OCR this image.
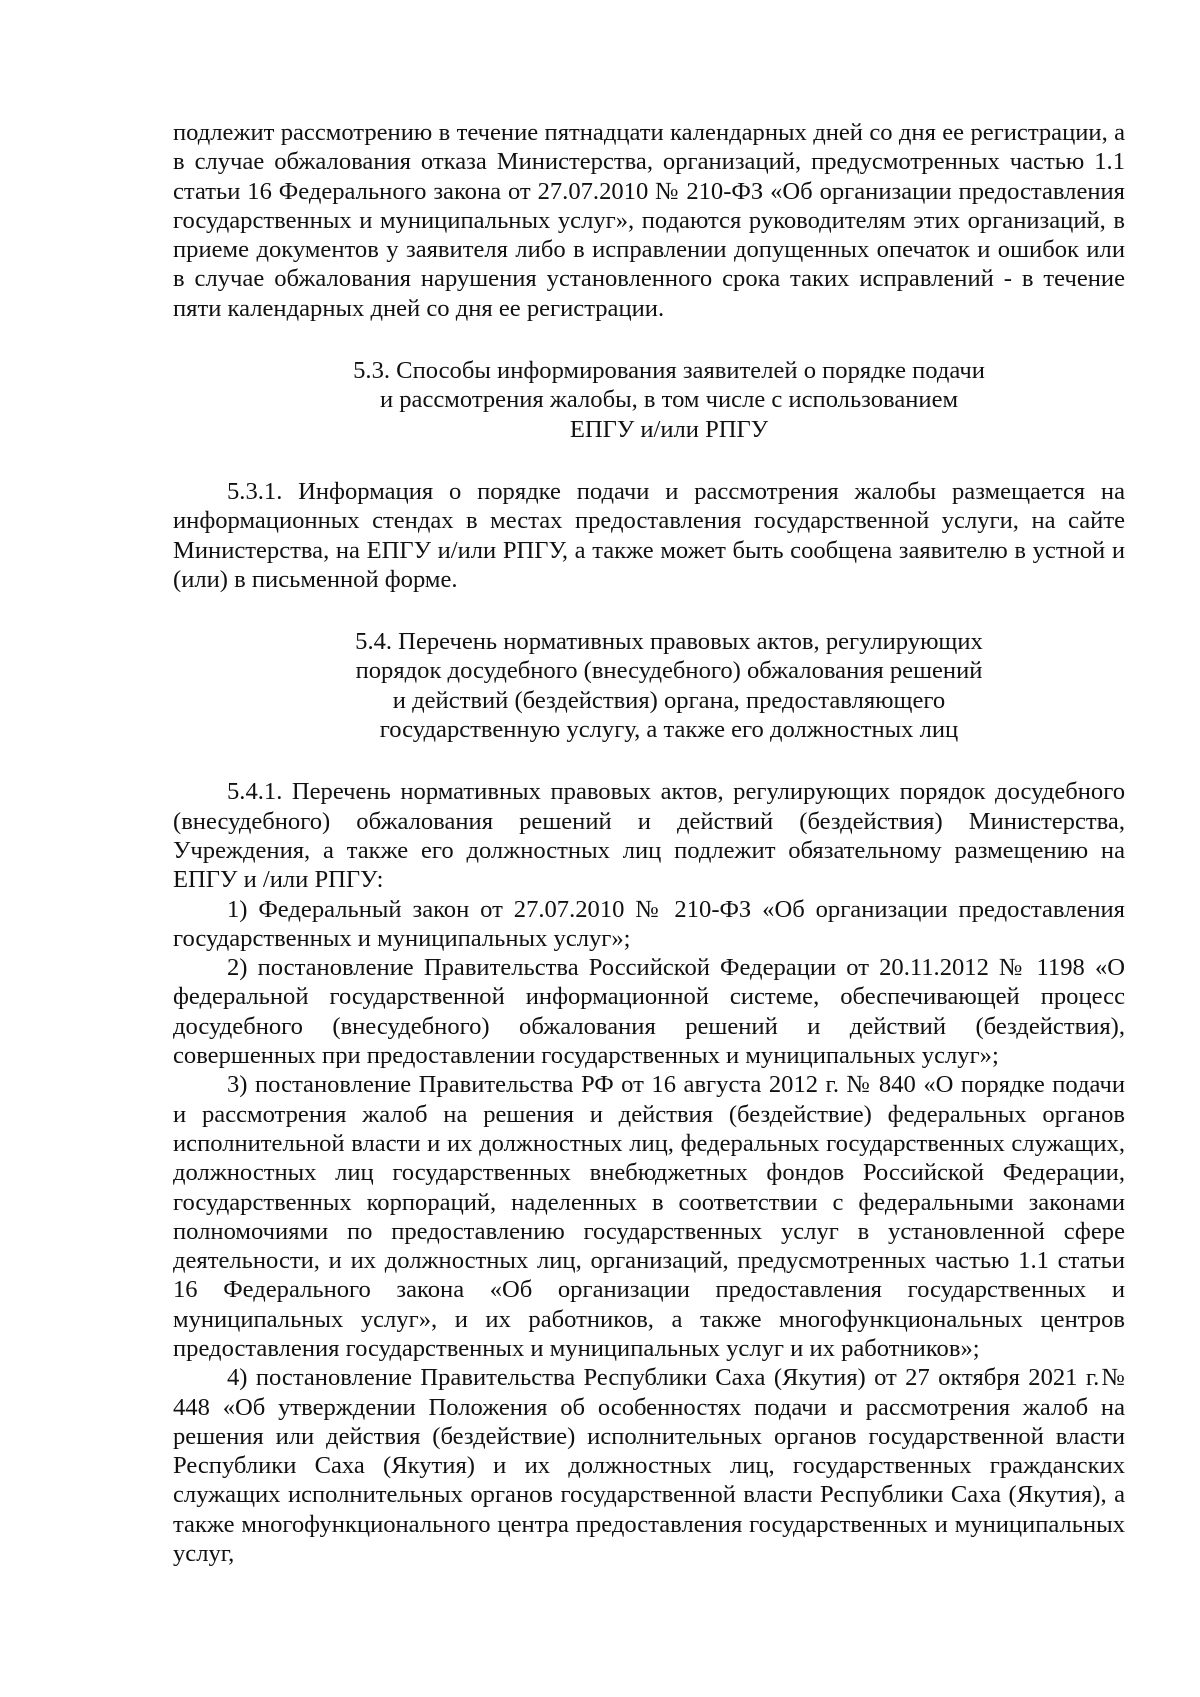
подлежит рассмотрению в течение пятнадцати календарных дней со дня ее регистрации, а в случае обжалования отказа Министерства, организаций, предусмотренных частью 1.1 статьи 16 Федерального закона от 27.07.2010 № 210-ФЗ «Об организации предоставления государственных и муниципальных услуг», подаются руководителям этих организаций, в приеме документов у заявителя либо в исправлении допущенных опечаток и ошибок или в случае обжалования нарушения установленного срока таких исправлений - в течение пяти календарных дней со дня ее регистрации.

5.3. Способы информирования заявителей о порядке подачи
и рассмотрения жалобы, в том числе с использованием
ЕПГУ и/или РПГУ

5.3.1. Информация о порядке подачи и рассмотрения жалобы размещается на информационных стендах в местах предоставления государственной услуги, на сайте Министерства, на ЕПГУ и/или РПГУ, а также может быть сообщена заявителю в устной и (или) в письменной форме.

5.4. Перечень нормативных правовых актов, регулирующих
порядок досудебного (внесудебного) обжалования решений
и действий (бездействия) органа, предоставляющего
государственную услугу, а также его должностных лиц

5.4.1. Перечень нормативных правовых актов, регулирующих порядок досудебного (внесудебного) обжалования решений и действий (бездействия) Министерства, Учреждения, а также его должностных лиц подлежит обязательному размещению на ЕПГУ и /или РПГУ:

1) Федеральный закон от 27.07.2010 № 210-ФЗ «Об организации предоставления государственных и муниципальных услуг»;

2) постановление Правительства Российской Федерации от 20.11.2012 № 1198 «О федеральной государственной информационной системе, обеспечивающей процесс досудебного (внесудебного) обжалования решений и действий (бездействия), совершенных при предоставлении государственных и муниципальных услуг»;

3) постановление Правительства РФ от 16 августа 2012 г. № 840 «О порядке подачи и рассмотрения жалоб на решения и действия (бездействие) федеральных органов исполнительной власти и их должностных лиц, федеральных государственных служащих, должностных лиц государственных внебюджетных фондов Российской Федерации, государственных корпораций, наделенных в соответствии с федеральными законами полномочиями по предоставлению государственных услуг в установленной сфере деятельности, и их должностных лиц, организаций, предусмотренных частью 1.1 статьи 16 Федерального закона «Об организации предоставления государственных и муниципальных услуг», и их работников, а также многофункциональных центров предоставления государственных и муниципальных услуг и их работников»;

4) постановление Правительства Республики Саха (Якутия) от 27 октября 2021 г.№ 448 «Об утверждении Положения об особенностях подачи и рассмотрения жалоб на решения или действия (бездействие) исполнительных органов государственной власти Республики Саха (Якутия) и их должностных лиц, государственных гражданских служащих исполнительных органов государственной власти Республики Саха (Якутия), а также многофункционального центра предоставления государственных и муниципальных услуг,
